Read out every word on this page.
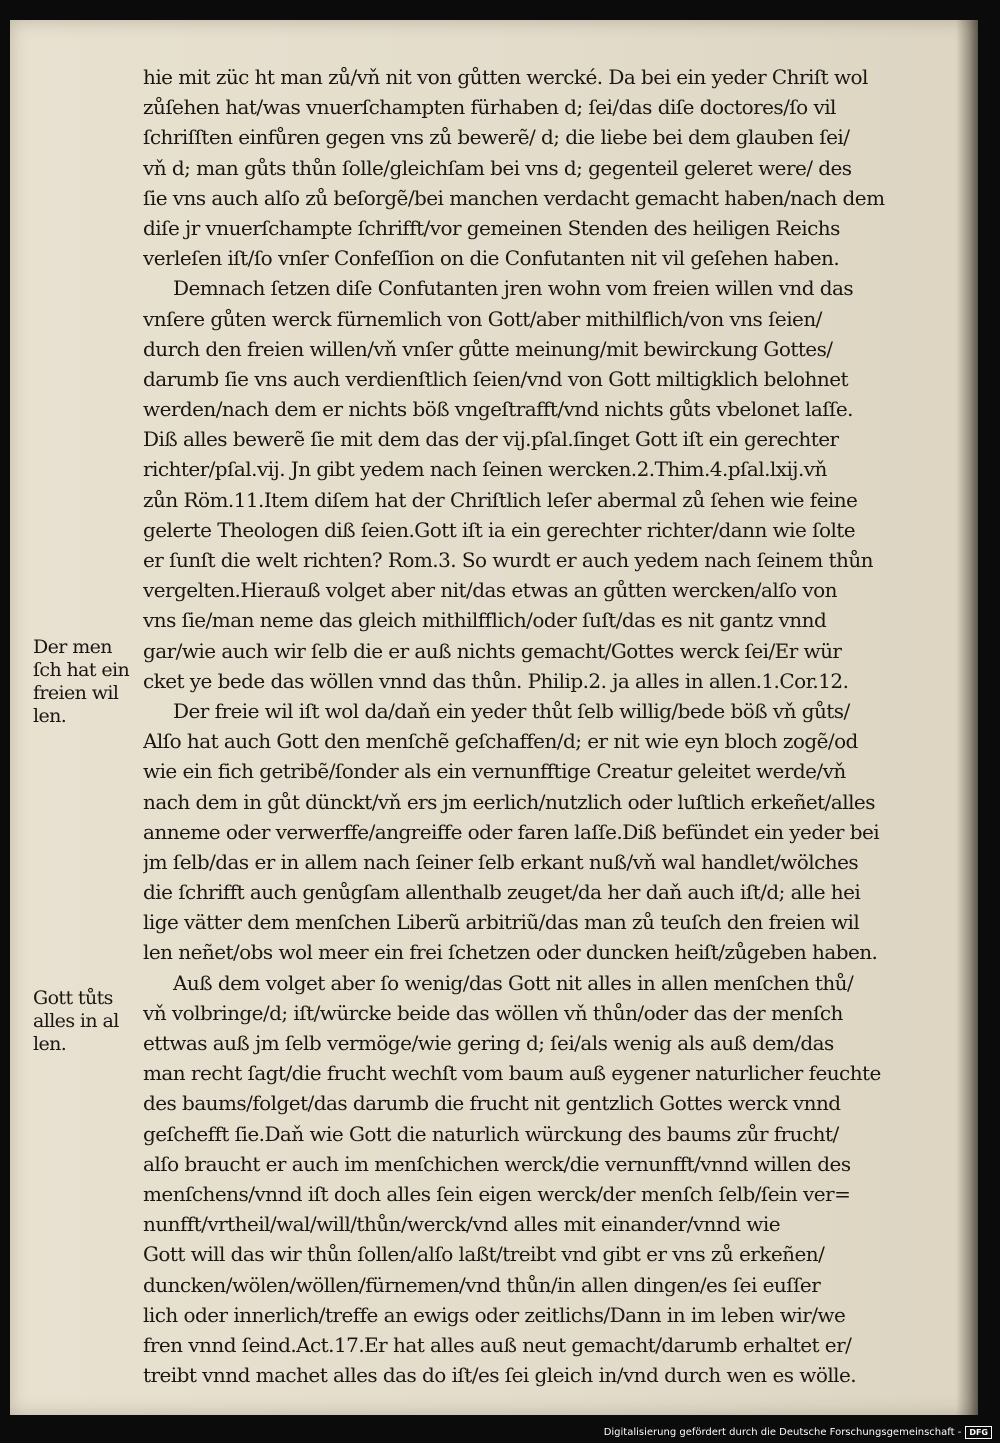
hie mit züc ht man zů/vň nit von gůtten wercké. Da bei ein yeder Chriſt wol
zůſehen hat/was vnuerſchampten fürhaben d; ſei/das diſe doctores/ſo vil
ſchriſſten einfůren gegen vns zů bewerẽ/ d; die liebe bei dem glauben ſei/
vň d; man gůts thůn ſolle/gleichſam bei vns d; gegenteil geleret were/ des
ſie vns auch alſo zů beſorgẽ/bei manchen verdacht gemacht haben/nach dem
diſe jr vnuerſchampte ſchrifft/vor gemeinen Stenden des heiligen Reichs
verleſen iſt/ſo vnſer Confeſſion on die Confutanten nit vil geſehen haben.
Demnach ſetzen diſe Confutanten jren wohn vom freien willen vnd das
vnſere gůten werck fürnemlich von Gott/aber mithilflich/von vns ſeien/
durch den freien willen/vň vnſer gůtte meinung/mit bewirckung Gottes/
darumb ſie vns auch verdienſtlich ſeien/vnd von Gott miltigklich belohnet
werden/nach dem er nichts böß vngeſtrafft/vnd nichts gůts vbelonet laſſe.
Diß alles bewerẽ ſie mit dem das der vij.pſal.ſinget Gott iſt ein gerechter
richter/pſal.vij. Jn gibt yedem nach ſeinen wercken.2.Thim.4.pſal.lxij.vň
zůn Röm.11.Item diſem hat der Chriſtlich leſer abermal zů ſehen wie feine
gelerte Theologen diß ſeien.Gott iſt ia ein gerechter richter/dann wie ſolte
er ſunſt die welt richten? Rom.3. So wurdt er auch yedem nach ſeinem thůn
vergelten.Hierauß volget aber nit/das etwas an gůtten wercken/alſo von
vns ſie/man neme das gleich mithilfflich/oder ſuſt/das es nit gantz vnnd
gar/wie auch wir ſelb die er auß nichts gemacht/Gottes werck ſei/Er wür
cket ye bede das wöllen vnnd das thůn. Philip.2. ja alles in allen.1.Cor.12.
Der freie wil iſt wol da/daň ein yeder thůt ſelb willig/bede böß vň gůts/
Alſo hat auch Gott den menſchẽ geſchaffen/d; er nit wie eyn bloch zogẽ/od
wie ein fich getribẽ/ſonder als ein vernunfftige Creatur geleitet werde/vň
nach dem in gůt dünckt/vň ers jm eerlich/nutzlich oder luſtlich erkeñet/alles
anneme oder verwerffe/angreiffe oder faren laſſe.Diß befündet ein yeder bei
jm ſelb/das er in allem nach ſeiner ſelb erkant nuß/vň wal handlet/wölches
die ſchrifft auch genůgſam allenthalb zeuget/da her daň auch iſt/d; alle hei
lige vätter dem menſchen Liberũ arbitriũ/das man zů teuſch den freien wil
len neñet/obs wol meer ein frei ſchetzen oder duncken heiſt/zůgeben haben.
Auß dem volget aber ſo wenig/das Gott nit alles in allen menſchen thů/
vň volbringe/d; iſt/würcke beide das wöllen vň thůn/oder das der menſch
ettwas auß jm ſelb vermöge/wie gering d; ſei/als wenig als auß dem/das
man recht ſagt/die frucht wechſt vom baum auß eygener naturlicher feuchte
des baums/folget/das darumb die frucht nit gentzlich Gottes werck vnnd
geſchefft ſie.Daň wie Gott die naturlich würckung des baums zůr frucht/
alſo braucht er auch im menſchichen werck/die vernunfft/vnnd willen des
menſchens/vnnd iſt doch alles ſein eigen werck/der menſch ſelb/ſein ver=
nunfft/vrtheil/wal/will/thůn/werck/vnd alles mit einander/vnnd wie
Gott will das wir thůn ſollen/alſo laßt/treibt vnd gibt er vns zů erkeñen/
duncken/wölen/wöllen/fürnemen/vnd thůn/in allen dingen/es ſei euſſer
lich oder innerlich/treffe an ewigs oder zeitlichs/Dann in im leben wir/we
fren vnnd ſeind.Act.17.Er hat alles auß neut gemacht/darumb erhaltet er/
treibt vnnd machet alles das do iſt/es ſei gleich in/vnd durch wen es wölle.
Der men
ſch hat ein
freien wil
len.
Gott tůts
alles in al
len.
Digitalisierung gefördert durch die Deutsche Forschungsgemeinschaft -	DFG
